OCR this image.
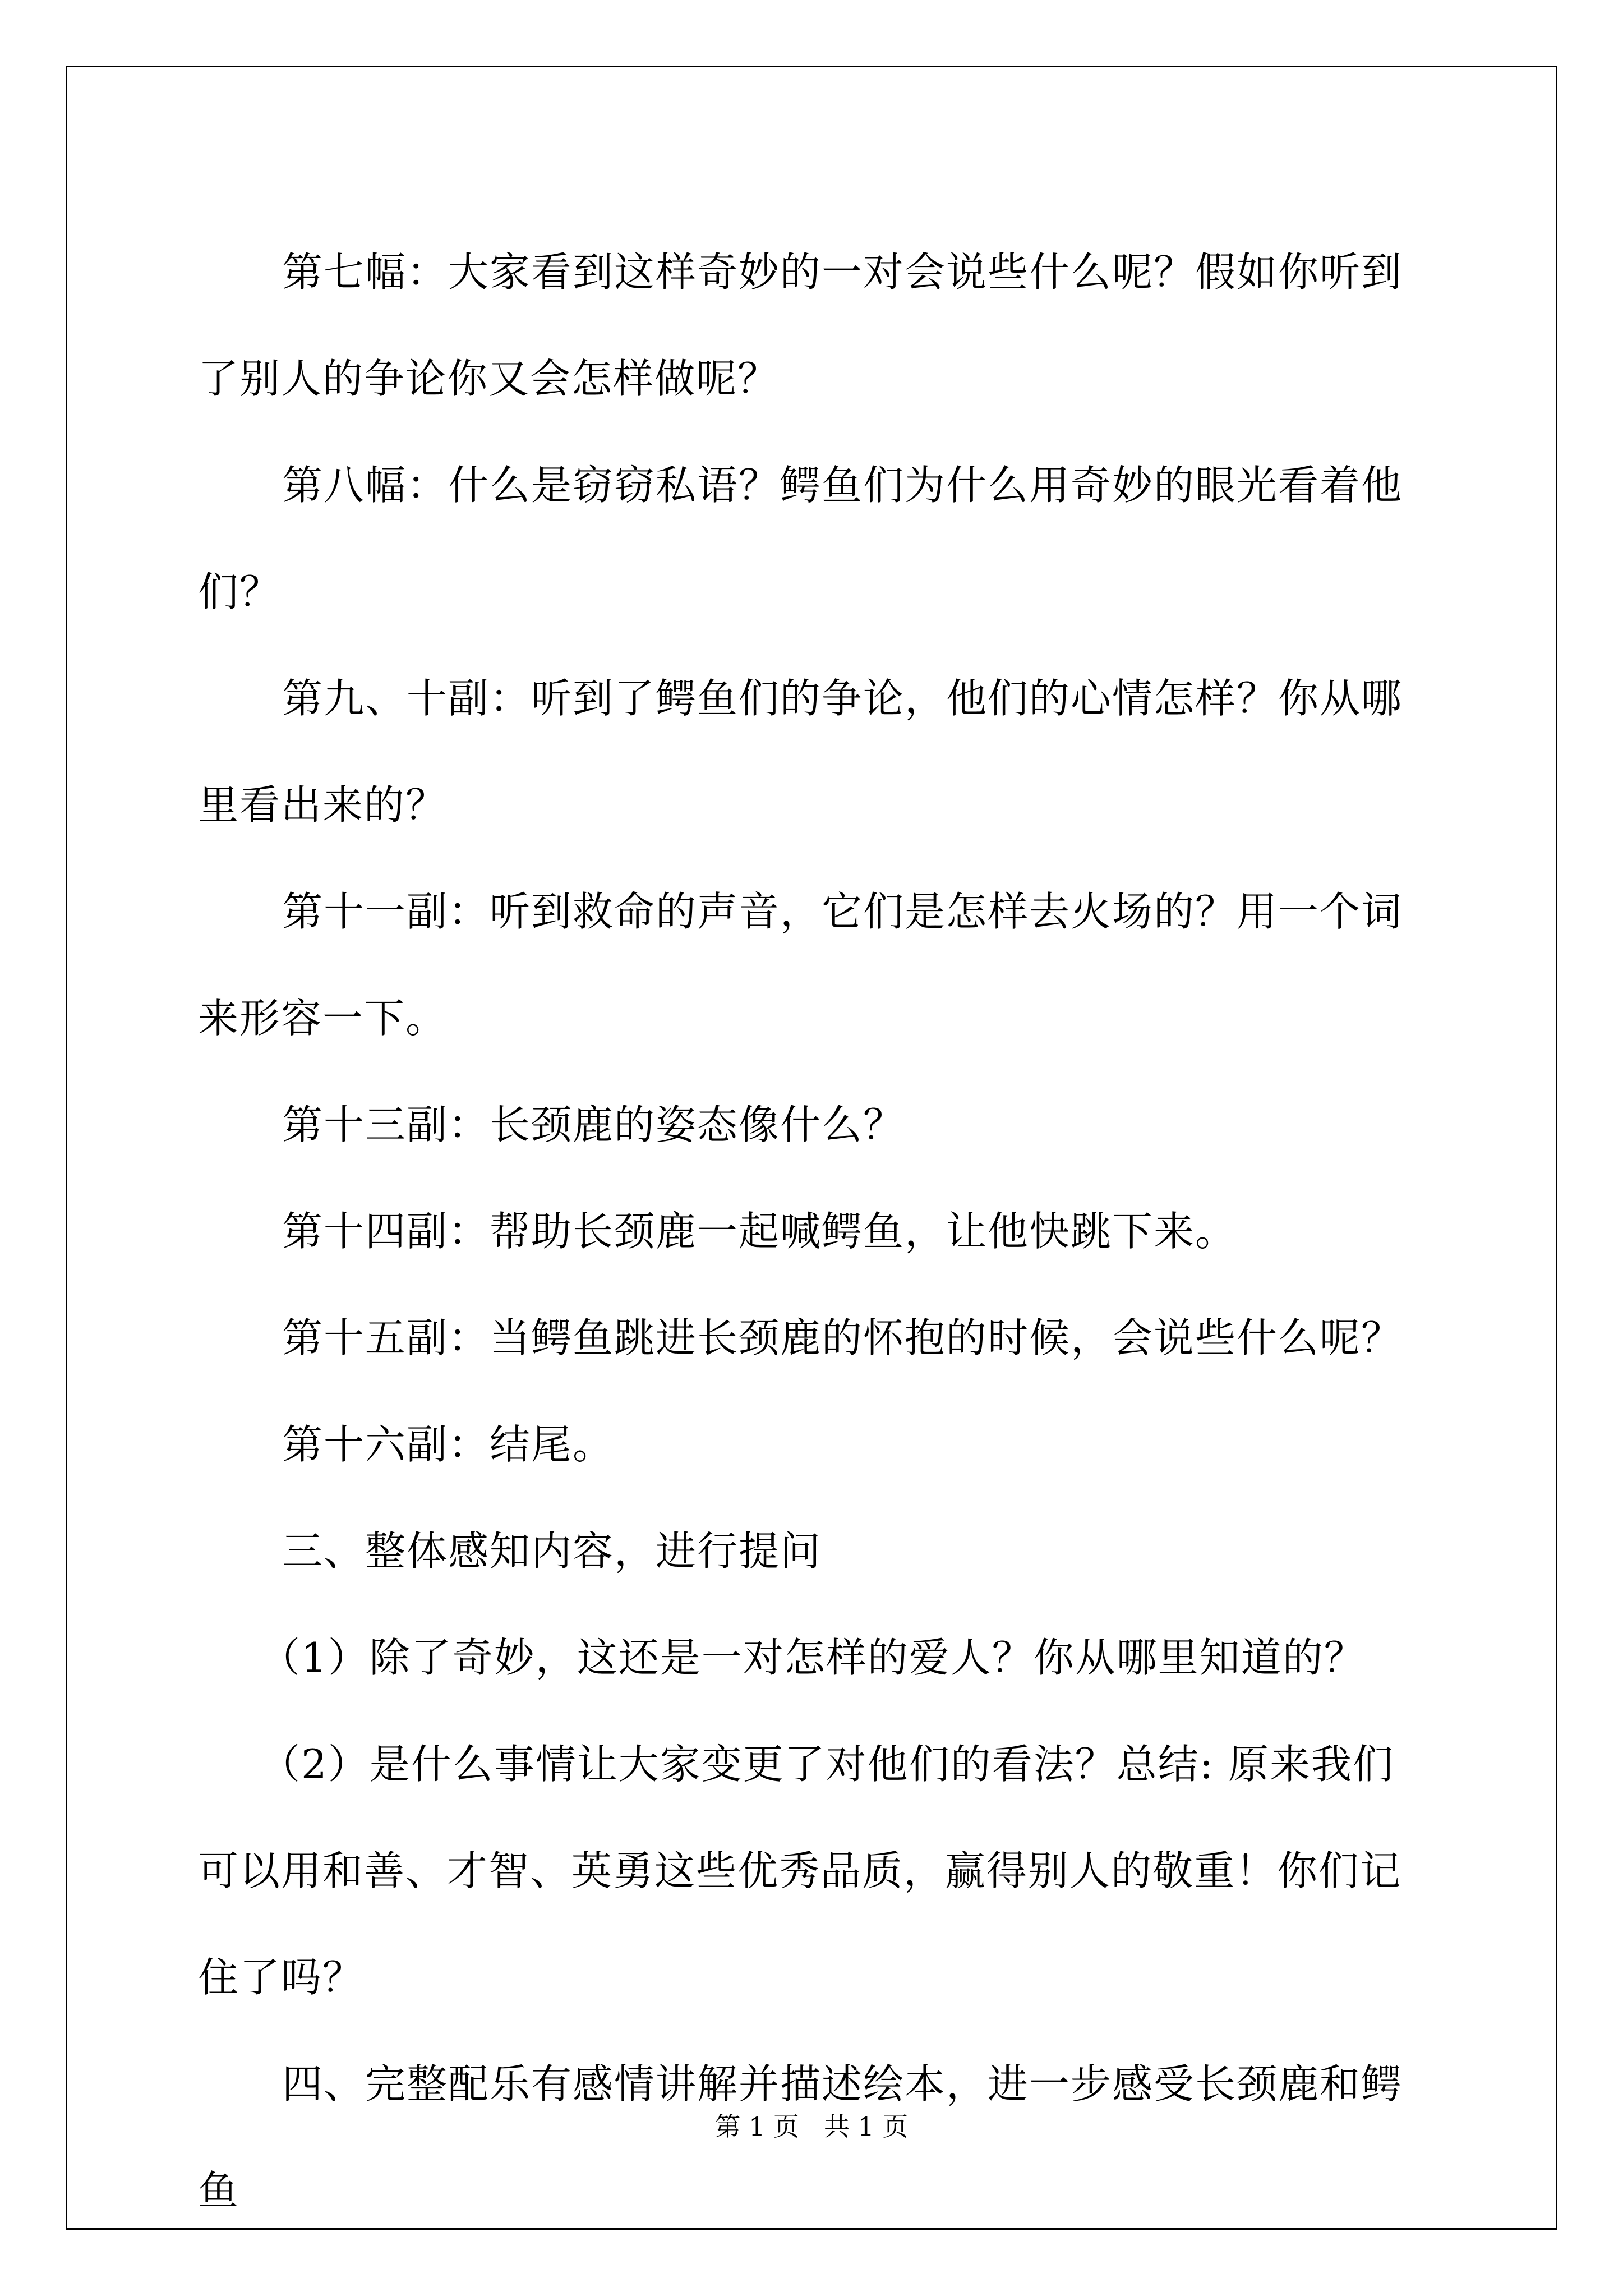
第七幅：大家看到这样奇妙的一对会说些什么呢？假如你听到了别人的争论你又会怎样做呢？

第八幅：什么是窃窃私语？鳄鱼们为什么用奇妙的眼光看着他们？

第九、十副：听到了鳄鱼们的争论，他们的心情怎样？你从哪里看出来的？

第十一副：听到救命的声音，它们是怎样去火场的？用一个词来形容一下。

第十三副：长颈鹿的姿态像什么？

第十四副：帮助长颈鹿一起喊鳄鱼，让他快跳下来。

第十五副：当鳄鱼跳进长颈鹿的怀抱的时候，会说些什么呢？

第十六副：结尾。

三、整体感知内容，进行提问

（1）除了奇妙，这还是一对怎样的爱人？你从哪里知道的？

（2）是什么事情让大家变更了对他们的看法？总结: 原来我们可以用和善、才智、英勇这些优秀品质，赢得别人的敬重！你们记住了吗？

四、完整配乐有感情讲解并描述绘本，进一步感受长颈鹿和鳄鱼

第 1 页 共 1 页
